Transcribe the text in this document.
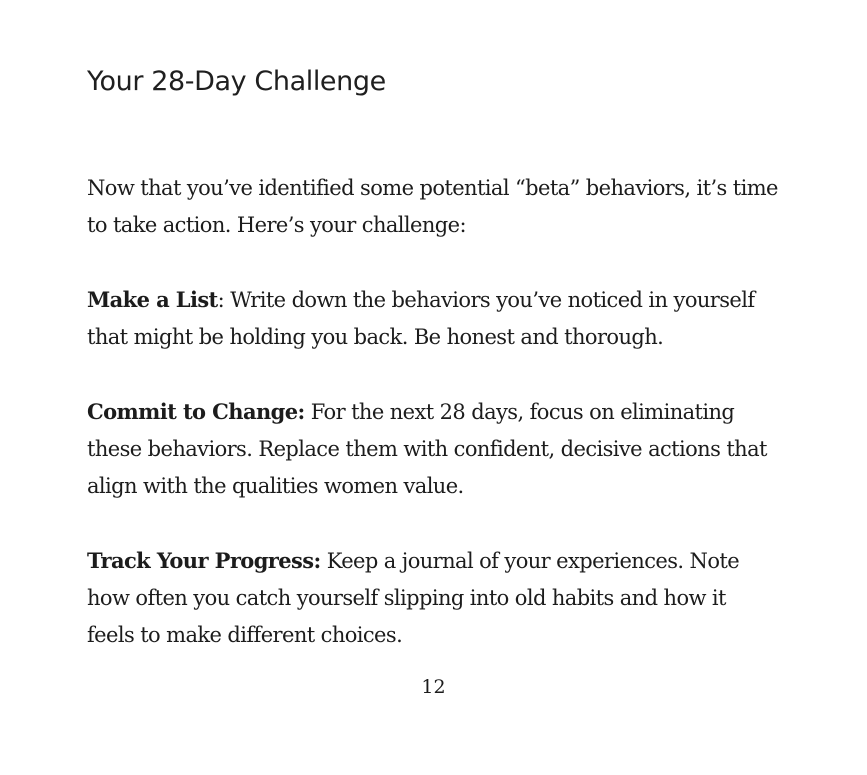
Your 28-Day Challenge

Now that you’ve identified some potential “beta” behaviors, it’s time to take action. Here’s your challenge:

Make a List: Write down the behaviors you’ve noticed in yourself that might be holding you back. Be honest and thorough.

Commit to Change: For the next 28 days, focus on eliminating these behaviors. Replace them with confident, decisive actions that align with the qualities women value.

Track Your Progress: Keep a journal of your experiences. Note how often you catch yourself slipping into old habits and how it feels to make different choices.

12
